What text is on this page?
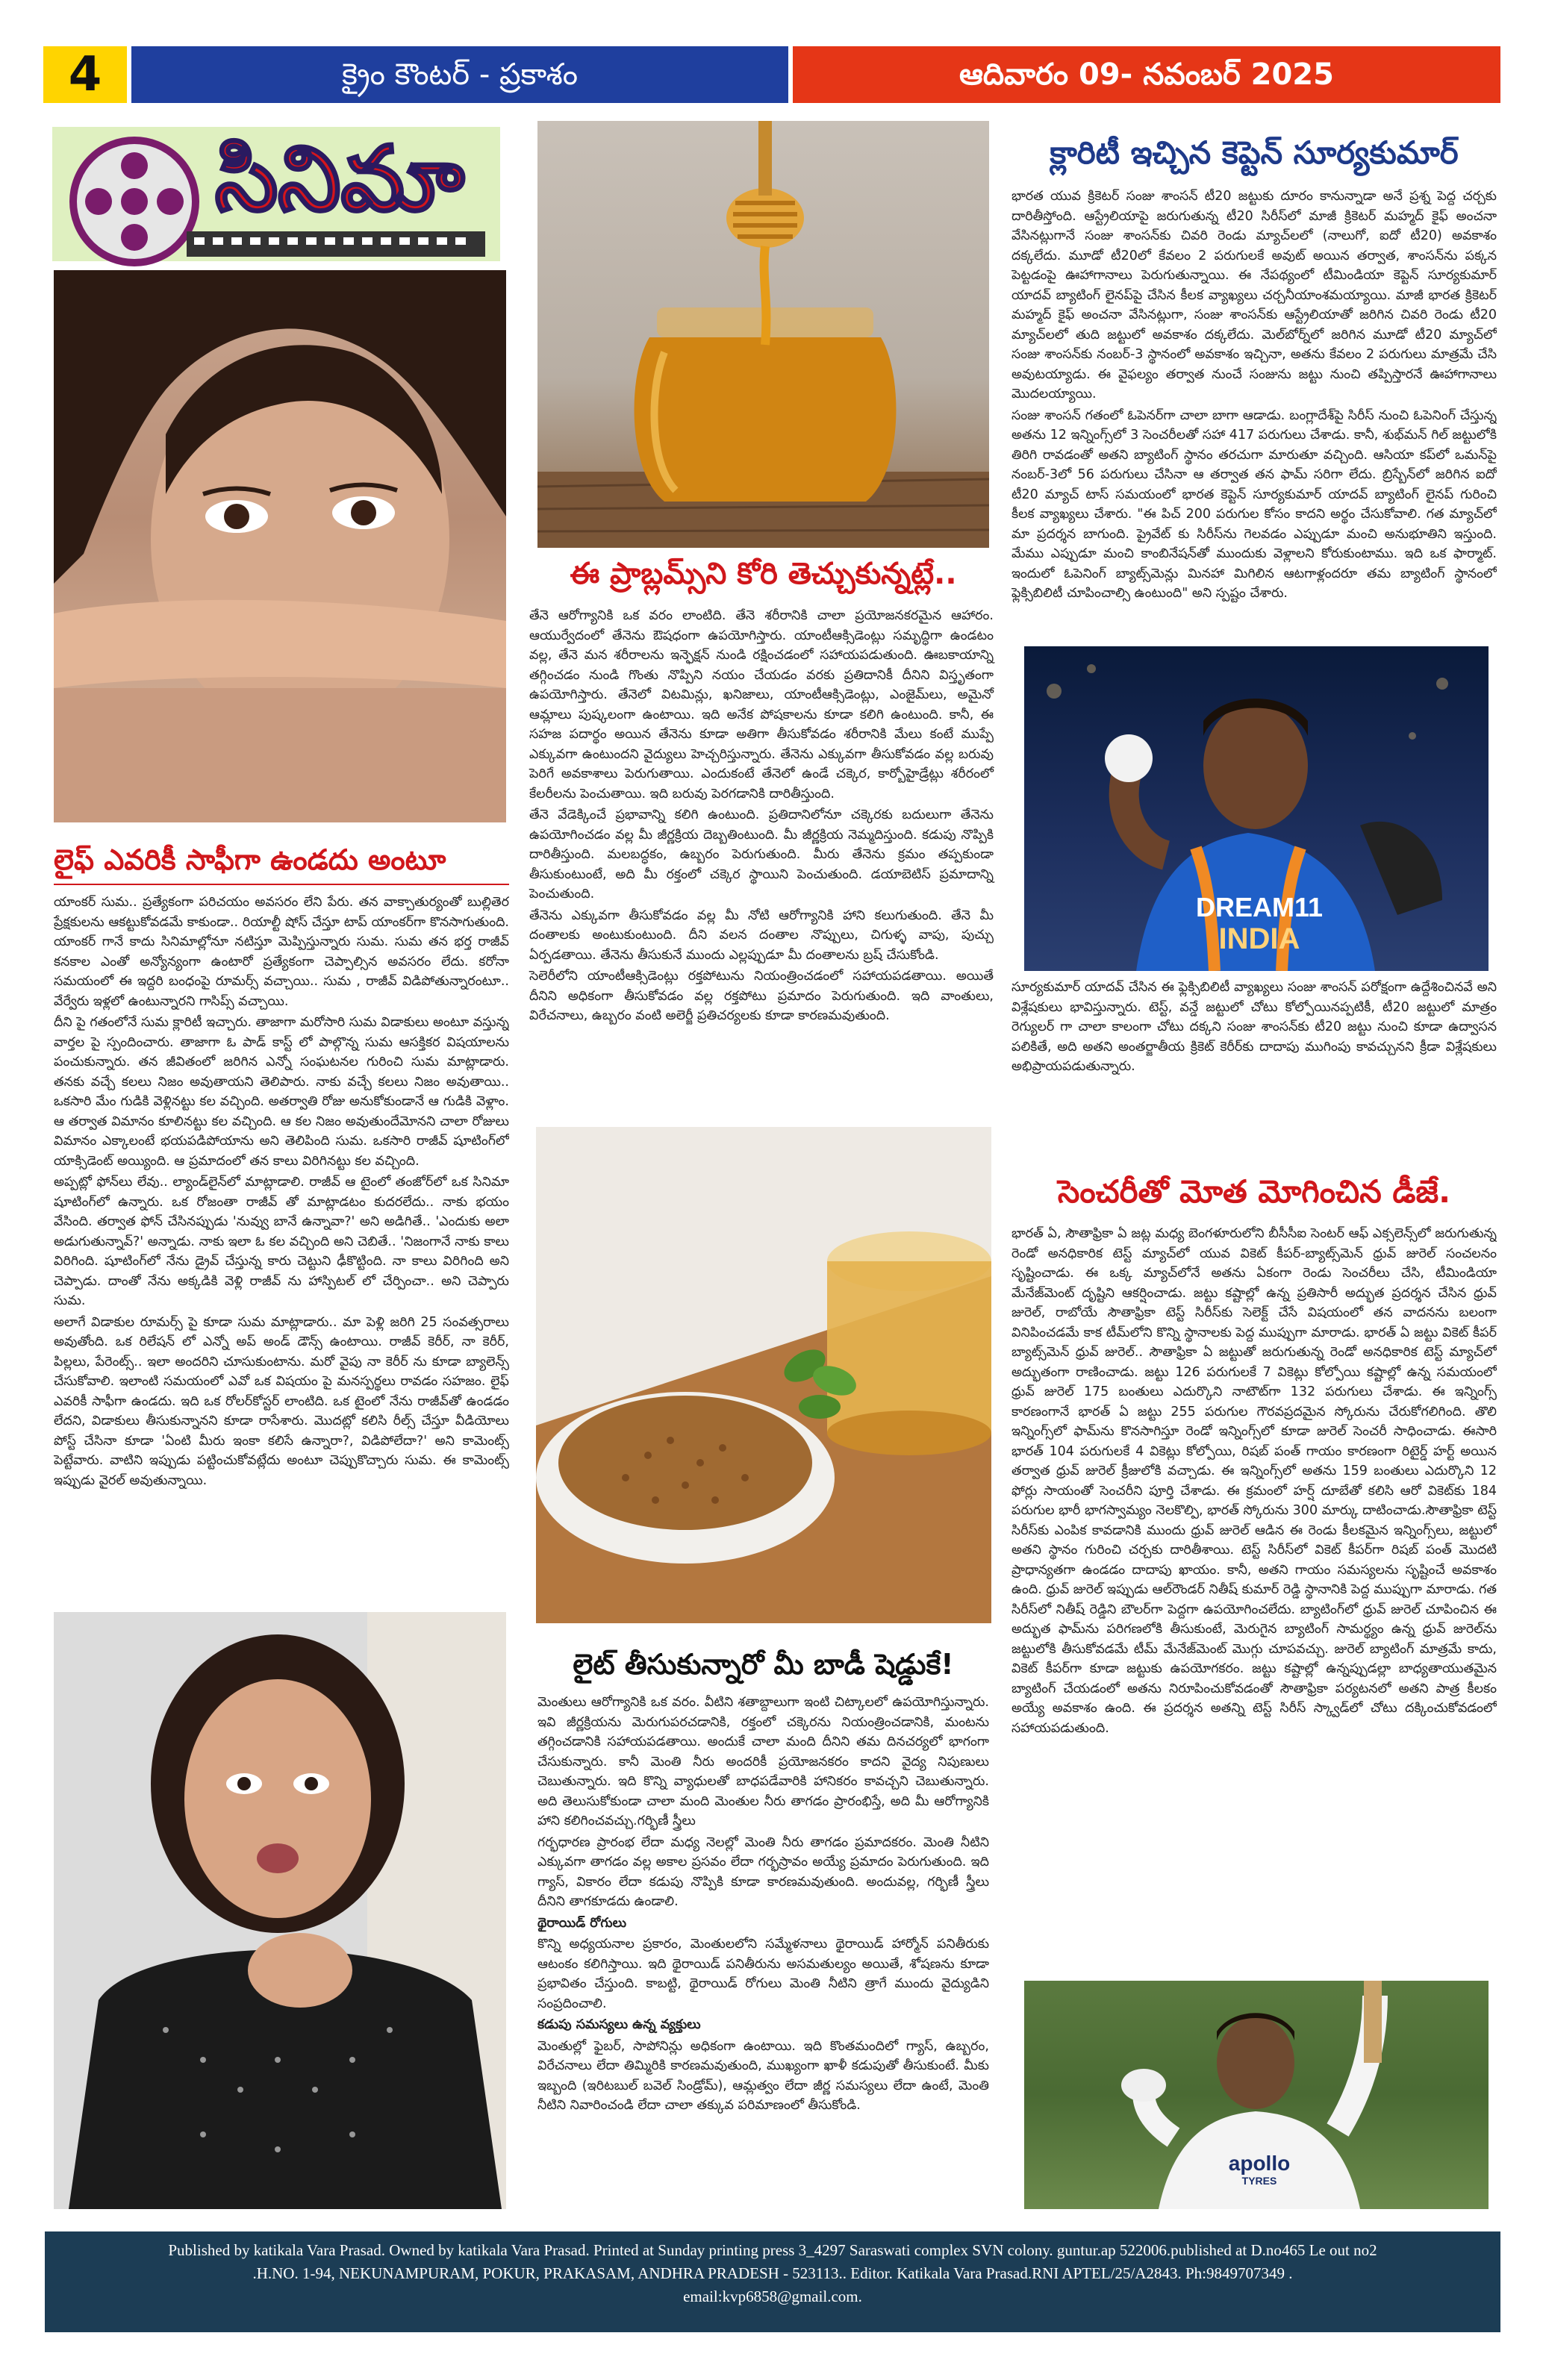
4	క్రైం కౌంటర్ - ప్రకాశం	ఆదివారం 09- నవంబర్ 2025
సినిమా
లైఫ్ ఎవరికీ సాఫీగా ఉండదు అంటూ

యాంకర్ సుమ.. ప్రత్యేకంగా పరిచయం అవసరం లేని పేరు. తన వాక్చాతుర్యంతో బుల్లితెర ప్రేక్షకులను ఆకట్టుకోవడమే కాకుండా.. రియాల్టీ షోస్ చేస్తూ టాప్ యాంకర్‌గా కొనసాగుతుంది. యాంకర్ గానే కాదు సినిమాల్లోనూ నటిస్తూ మెప్పిస్తున్నారు సుమ. సుమ తన భర్త రాజీవ్ కనకాల ఎంతో అన్యోన్యంగా ఉంటారో ప్రత్యేకంగా చెప్పాల్సిన అవసరం లేదు. కరోనా సమయంలో ఈ ఇద్దరి బంధంపై రూమర్స్ వచ్చాయి.. సుమ , రాజీవ్ విడిపోతున్నారంటూ.. వేర్వేరు ఇళ్లలో ఉంటున్నారని గాసిప్స్ వచ్చాయి.

దీని పై గతంలోనే సుమ క్లారిటీ ఇచ్చారు. తాజాగా మరోసారి సుమ విడాకులు అంటూ వస్తున్న వార్తల పై స్పందించారు. తాజాగా ఓ పాడ్ కాస్ట్ లో పాల్గొన్న సుమ ఆసక్తికర విషయాలను పంచుకున్నారు. తన జీవితంలో జరిగిన ఎన్నో సంఘటనల గురించి సుమ మాట్లాడారు. తనకు వచ్చే కలలు నిజం అవుతాయని తెలిపారు. నాకు వచ్చే కలలు నిజం అవుతాయి.. ఒకసారి మేం గుడికి వెళ్లినట్టు కల వచ్చింది. అతర్వాతి రోజు అనుకోకుండానే ఆ గుడికి వెళ్లాం. ఆ తర్వాత విమానం కూలినట్టు కల వచ్చింది. ఆ కల నిజం అవుతుందేమోనని చాలా రోజులు విమానం ఎక్కాలంటే భయపడిపోయాను అని తెలిపింది సుమ. ఒకసారి రాజీవ్ షూటింగ్‌లో యాక్సిడెంట్ అయ్యింది. ఆ ప్రమాదంలో తన కాలు విరిగినట్టు కల వచ్చింది.

అప్పట్లో ఫోన్‌లు లేవు.. ల్యాండ్‌లైన్‌లో మాట్లాడాలి. రాజీవ్ ఆ టైంలో తంజోర్‌లో ఒక సినిమా షూటింగ్‌లో ఉన్నారు. ఒక రోజంతా రాజీవ్ తో మాట్లాడటం కుదరలేదు.. నాకు భయం వేసింది. తర్వాత ఫోన్ చేసినప్పుడు 'నువ్వు బానే ఉన్నావా?' అని అడిగితే.. 'ఎందుకు అలా అడుగుతున్నావ్?' అన్నాడు. నాకు ఇలా ఓ కల వచ్చింది అని చెబితే.. 'నిజంగానే నాకు కాలు విరిగింది. షూటింగ్‌లో నేను డ్రైవ్ చేస్తున్న కారు చెట్టుని ఢీకొట్టింది. నా కాలు విరిగింది అని చెప్పాడు. దాంతో నేను అక్కడికి వెళ్లి రాజీవ్ ను హాస్పిటల్ లో చేర్పించా.. అని చెప్పారు సుమ.

అలాగే విడాకుల రూమర్స్ పై కూడా సుమ మాట్లాడారు.. మా పెళ్లి జరిగి 25 సంవత్సరాలు అవుతోంది. ఒక రిలేషన్ లో ఎన్నో అప్ అండ్ డౌన్స్ ఉంటాయి. రాజీవ్ కెరీర్, నా కెరీర్, పిల్లలు, పేరెంట్స్.. ఇలా అందరిని చూసుకుంటాను. మరో వైపు నా కెరీర్ ను కూడా బ్యాలెన్స్ చేసుకోవాలి. ఇలాంటి సమయంలో ఎవో ఒక విషయం పై మనస్పర్థలు రావడం సహజం. లైఫ్ ఎవరికీ సాఫీగా ఉండదు. ఇది ఒక రోలర్‌కోస్టర్ లాంటిది. ఒక టైంలో నేను రాజీవ్‌తో ఉండడం లేదని, విడాకులు తీసుకున్నానని కూడా రాసేశారు. మొదట్లో కలిసి రీల్స్ చేస్తూ వీడియోలు పోస్ట్ చేసినా కూడా 'ఏంటి మీరు ఇంకా కలిసే ఉన్నారా?, విడిపోలేదా?' అని కామెంట్స్ పెట్టేవారు. వాటిని ఇప్పుడు పట్టించుకోవట్లేదు అంటూ చెప్పుకొచ్చారు సుమ. ఈ కామెంట్స్ ఇప్పుడు వైరల్ అవుతున్నాయి.

ఈ ప్రాబ్లమ్స్‌ని కోరి తెచ్చుకున్నట్లే..

తేనె ఆరోగ్యానికి ఒక వరం లాంటిది. తేనె శరీరానికి చాలా ప్రయోజనకరమైన ఆహారం. ఆయుర్వేదంలో తేనెను ఔషధంగా ఉపయోగిస్తారు. యాంటీఆక్సిడెంట్లు సమృద్ధిగా ఉండటం వల్ల, తేనె మన శరీరాలను ఇన్ఫెక్షన్ నుండి రక్షించడంలో సహాయపడుతుంది. ఊబకాయాన్ని తగ్గించడం నుండి గొంతు నొప్పిని నయం చేయడం వరకు ప్రతిదానికీ దీనిని విస్తృతంగా ఉపయోగిస్తారు. తేనెలో విటమిన్లు, ఖనిజాలు, యాంటీఆక్సిడెంట్లు, ఎంజైమ్‌లు, అమైనో ఆమ్లాలు పుష్కలంగా ఉంటాయి. ఇది అనేక పోషకాలను కూడా కలిగి ఉంటుంది. కానీ, ఈ సహజ పదార్థం అయిన తేనెను కూడా అతిగా తీసుకోవడం శరీరానికి మేలు కంటే ముప్పే ఎక్కువగా ఉంటుందని వైద్యులు హెచ్చరిస్తున్నారు. తేనెను ఎక్కువగా తీసుకోవడం వల్ల బరువు పెరిగే అవకాశాలు పెరుగుతాయి. ఎందుకంటే తేనెలో ఉండే చక్కెర, కార్బోహైడ్రేట్లు శరీరంలో కేలరీలను పెంచుతాయి. ఇది బరువు పెరగడానికి దారితీస్తుంది.

తేనె వేడెక్కించే ప్రభావాన్ని కలిగి ఉంటుంది. ప్రతిదానిలోనూ చక్కెరకు బదులుగా తేనెను ఉపయోగించడం వల్ల మీ జీర్ణక్రియ దెబ్బతింటుంది. మీ జీర్ణక్రియ నెమ్మదిస్తుంది. కడుపు నొప్పికి దారితీస్తుంది. మలబద్ధకం, ఉబ్బరం పెరుగుతుంది. మీరు తేనెను క్రమం తప్పకుండా తీసుకుంటుంటే, అది మీ రక్తంలో చక్కెర స్థాయిని పెంచుతుంది. డయాబెటిస్ ప్రమాదాన్ని పెంచుతుంది.

తేనెను ఎక్కువగా తీసుకోవడం వల్ల మీ నోటి ఆరోగ్యానికి హాని కలుగుతుంది. తేనె మీ దంతాలకు అంటుకుంటుంది. దీని వలన దంతాల నొప్పులు, చిగుళ్ళ వాపు, పుచ్చు ఏర్పడతాయి. తేనెను తీసుకునే ముందు ఎల్లప్పుడూ మీ దంతాలను బ్రష్ చేసుకోండి.

సెలెరీలోని యాంటీఆక్సిడెంట్లు రక్తపోటును నియంత్రించడంలో సహాయపడతాయి. అయితే దీనిని అధికంగా తీసుకోవడం వల్ల రక్తపోటు ప్రమాదం పెరుగుతుంది. ఇది వాంతులు, విరేచనాలు, ఉబ్బరం వంటి అలెర్జీ ప్రతిచర్యలకు కూడా కారణమవుతుంది.

లైట్ తీసుకున్నారో మీ బాడీ షెడ్డుకే!

మెంతులు ఆరోగ్యానికి ఒక వరం. వీటిని శతాబ్దాలుగా ఇంటి చిట్కాలలో ఉపయోగిస్తున్నారు. ఇవి జీర్ణక్రియను మెరుగుపరచడానికి, రక్తంలో చక్కెరను నియంత్రించడానికి, మంటను తగ్గించడానికి సహాయపడతాయి. అందుకే చాలా మంది దీనిని తమ దినచర్యలో భాగంగా చేసుకున్నారు. కానీ మెంతి నీరు అందరికీ ప్రయోజనకరం కాదని వైద్య నిపుణులు చెబుతున్నారు. ఇది కొన్ని వ్యాధులతో బాధపడేవారికి హానికరం కావచ్చని చెబుతున్నారు. అది తెలుసుకోకుండా చాలా మంది మెంతుల నీరు తాగడం ప్రారంభిస్తే, అది మీ ఆరోగ్యానికి హాని కలిగించవచ్చు.గర్భిణీ స్త్రీలు

గర్భధారణ ప్రారంభ లేదా మధ్య నెలల్లో మెంతి నీరు తాగడం ప్రమాదకరం. మెంతి నీటిని ఎక్కువగా తాగడం వల్ల అకాల ప్రసవం లేదా గర్భస్రావం అయ్యే ప్రమాదం పెరుగుతుంది. ఇది గ్యాస్, వికారం లేదా కడుపు నొప్పికి కూడా కారణమవుతుంది. అందువల్ల, గర్భిణీ స్త్రీలు దీనిని తాగకూడదు ఉండాలి.

థైరాయిడ్ రోగులు

కొన్ని అధ్యయనాల ప్రకారం, మెంతులలోని సమ్మేళనాలు థైరాయిడ్ హార్మోన్ పనితీరుకు ఆటంకం కలిగిస్తాయి. ఇది థైరాయిడ్ పనితీరును అసమతుల్యం అయితే, శోషణను కూడా ప్రభావితం చేస్తుంది. కాబట్టి, థైరాయిడ్ రోగులు మెంతి నీటిని త్రాగే ముందు వైద్యుడిని సంప్రదించాలి.

కడుపు సమస్యలు ఉన్న వ్యక్తులు

మెంతుల్లో ఫైబర్, సాపోనిన్లు అధికంగా ఉంటాయి. ఇది కొంతమందిలో గ్యాస్, ఉబ్బరం, విరేచనాలు లేదా తిమ్మిరికి కారణమవుతుంది, ముఖ్యంగా ఖాళీ కడుపుతో తీసుకుంటే. మీకు ఇబ్బంది (ఇరిటబుల్ బవెల్ సిండ్రోమ్), ఆమ్లత్వం లేదా జీర్ణ సమస్యలు లేదా ఉంటే, మెంతి నీటిని నివారించండి లేదా చాలా తక్కువ పరిమాణంలో తీసుకోండి.

క్లారిటీ ఇచ్చిన కెప్టెన్ సూర్యకుమార్

భారత యువ క్రికెటర్ సంజు శాంసన్ టీ20 జట్టుకు దూరం కానున్నాడా అనే ప్రశ్న పెద్ద చర్చకు దారితీస్తోంది. ఆస్ట్రేలియాపై జరుగుతున్న టీ20 సిరీస్‌లో మాజీ క్రికెటర్ మహ్మద్ కైఫ్ అంచనా వేసినట్లుగానే సంజు శాంసన్‌కు చివరి రెండు మ్యాచ్‌లలో (నాలుగో, ఐదో టీ20) అవకాశం దక్కలేదు. మూడో టీ20లో కేవలం 2 పరుగులకే అవుట్ అయిన తర్వాత, శాంసన్‌ను పక్కన పెట్టడంపై ఊహాగానాలు పెరుగుతున్నాయి. ఈ నేపథ్యంలో టీమిండియా కెప్టెన్ సూర్యకుమార్ యాదవ్ బ్యాటింగ్ లైనప్‌పై చేసిన కీలక వ్యాఖ్యలు చర్చనీయాంశమయ్యాయి. మాజీ భారత క్రికెటర్ మహ్మద్ కైఫ్ అంచనా వేసినట్లుగా, సంజు శాంసన్‌కు ఆస్ట్రేలియాతో జరిగిన చివరి రెండు టీ20 మ్యాచ్‌లలో తుది జట్టులో అవకాశం దక్కలేదు. మెల్‌బోర్న్‌లో జరిగిన మూడో టీ20 మ్యాచ్‌లో సంజు శాంసన్‌కు నంబర్-3 స్థానంలో అవకాశం ఇచ్చినా, అతను కేవలం 2 పరుగులు మాత్రమే చేసి అవుటయ్యాడు. ఈ వైఫల్యం తర్వాత నుంచే సంజును జట్టు నుంచి తప్పిస్తారనే ఊహాగానాలు మొదలయ్యాయి.

సంజు శాంసన్ గతంలో ఓపెనర్‌గా చాలా బాగా ఆడాడు. బంగ్లాదేశ్‌పై సిరీస్ నుంచి ఓపెనింగ్ చేస్తున్న అతను 12 ఇన్నింగ్స్‌లో 3 సెంచరీలతో సహా 417 పరుగులు చేశాడు. కానీ, శుభ్‌మన్ గిల్ జట్టులోకి తిరిగి రావడంతో అతని బ్యాటింగ్ స్థానం తరచుగా మారుతూ వచ్చింది. ఆసియా కప్‌లో ఒమన్‌పై నంబర్-3లో 56 పరుగులు చేసినా ఆ తర్వాత తన ఫామ్ సరిగా లేదు. బ్రిస్బేన్‌లో జరిగిన ఐదో టీ20 మ్యాచ్ టాస్ సమయంలో భారత కెప్టెన్ సూర్యకుమార్ యాదవ్ బ్యాటింగ్ లైనప్ గురించి కీలక వ్యాఖ్యలు చేశారు. "ఈ పిచ్ 200 పరుగుల కోసం కాదని అర్థం చేసుకోవాలి. గత మ్యాచ్‌లో మా ప్రదర్శన బాగుంది. ప్రైవేట్ కు సిరీస్‌ను గెలవడం ఎప్పుడూ మంచి అనుభూతిని ఇస్తుంది. మేము ఎప్పుడూ మంచి కాంబినేషన్‌తో ముందుకు వెళ్లాలని కోరుకుంటాము. ఇది ఒక ఫార్మాట్. ఇందులో ఓపెనింగ్ బ్యాట్స్‌మెన్లు మినహా మిగిలిన ఆటగాళ్లందరూ తమ బ్యాటింగ్ స్థానంలో ఫ్లెక్సిబిలిటీ చూపించాల్సి ఉంటుంది" అని స్పష్టం చేశారు.

DREAM11
INDIA

సూర్యకుమార్ యాదవ్ చేసిన ఈ ఫ్లెక్సిబిలిటీ వ్యాఖ్యలు సంజు శాంసన్ పరోక్షంగా ఉద్దేశించినవే అని విశ్లేషకులు భావిస్తున్నారు. టెస్ట్, వన్డే జట్టులో చోటు కోల్పోయినప్పటికీ, టీ20 జట్టులో మాత్రం రెగ్యులర్ గా చాలా కాలంగా చోటు దక్కని సంజు శాంసన్‌కు టీ20 జట్టు నుంచి కూడా ఉద్వాసన పలికితే, అది అతని అంతర్జాతీయ క్రికెట్ కెరీర్‌కు దాదాపు ముగింపు కావచ్చునని క్రీడా విశ్లేషకులు అభిప్రాయపడుతున్నారు.

సెంచరీతో మోత మోగించిన డీజే.

భారత్ ఏ, సౌతాఫ్రికా ఏ జట్ల మధ్య బెంగళూరులోని బీసీసీఐ సెంటర్ ఆఫ్ ఎక్సలెన్స్‌లో జరుగుతున్న రెండో అనధికారిక టెస్ట్ మ్యాచ్‌లో యువ వికెట్ కీపర్-బ్యాట్స్‌మెన్ ధ్రువ్ జురెల్ సంచలనం సృష్టించాడు. ఈ ఒక్క మ్యాచ్‌లోనే అతను ఏకంగా రెండు సెంచరీలు చేసి, టీమిండియా మేనేజ్‌మెంట్ దృష్టిని ఆకర్షించాడు. జట్టు కష్టాల్లో ఉన్న ప్రతిసారీ అద్భుత ప్రదర్శన చేసిన ధ్రువ్ జురెల్, రాబోయే సౌతాఫ్రికా టెస్ట్ సిరీస్‌కు సెలెక్ట్ చేసే విషయంలో తన వాదనను బలంగా వినిపించడమే కాక టీమ్‌లోని కొన్ని స్థానాలకు పెద్ద ముప్పుగా మారాడు. భారత్ ఏ జట్టు వికెట్ కీపర్ బ్యాట్స్‌మెన్ ధ్రువ్ జురెల్.. సౌతాఫ్రికా ఏ జట్టుతో జరుగుతున్న రెండో అనధికారిక టెస్ట్ మ్యాచ్‌లో అద్భుతంగా రాణించాడు. జట్టు 126 పరుగులకే 7 వికెట్లు కోల్పోయి కష్టాల్లో ఉన్న సమయంలో ధ్రువ్ జురెల్ 175 బంతులు ఎదుర్కొని నాటౌట్‌గా 132 పరుగులు చేశాడు. ఈ ఇన్నింగ్స్ కారణంగానే భారత్ ఏ జట్టు 255 పరుగుల గౌరవప్రదమైన స్కోరును చేరుకోగలిగింది. తొలి ఇన్నింగ్స్‌లో ఫామ్‌ను కొనసాగిస్తూ రెండో ఇన్నింగ్స్‌లో కూడా జురెల్ సెంచరీ సాధించాడు. ఈసారి భారత్ 104 పరుగులకే 4 వికెట్లు కోల్పోయి, రిషబ్ పంత్ గాయం కారణంగా రిటైర్డ్ హర్ట్ అయిన తర్వాత ధ్రువ్ జురెల్ క్రీజులోకి వచ్చాడు. ఈ ఇన్నింగ్స్‌లో అతను 159 బంతులు ఎదుర్కొని 12 ఫోర్లు సాయంతో సెంచరీని పూర్తి చేశాడు. ఈ క్రమంలో హర్ష్ దూబేతో కలిసి ఆరో వికెట్‌కు 184 పరుగుల భారీ భాగస్వామ్యం నెలకొల్పి, భారత్ స్కోరును 300 మార్కు దాటించాడు.సౌతాఫ్రికా టెస్ట్ సిరీస్‌కు ఎంపిక కావడానికి ముందు ధ్రువ్ జురెల్ ఆడిన ఈ రెండు కీలకమైన ఇన్నింగ్స్‌లు, జట్టులో అతని స్థానం గురించి చర్చకు దారితీశాయి. టెస్ట్ సిరీస్‌లో వికెట్ కీపర్‌గా రిషబ్ పంత్ మొదటి ప్రాధాన్యతగా ఉండడం దాదాపు ఖాయం. కానీ, అతని గాయం సమస్యలను సృష్టించే అవకాశం ఉంది. ధ్రువ్ జురెల్ ఇప్పుడు ఆల్‌రౌండర్ నితీష్ కుమార్ రెడ్డి స్థానానికి పెద్ద ముప్పుగా మారాడు. గత సిరీస్‌లో నితీష్ రెడ్డిని బౌలర్‌గా పెద్దగా ఉపయోగించలేదు. బ్యాటింగ్‌లో ధ్రువ్ జురెల్ చూపించిన ఈ అద్భుత ఫామ్‌ను పరిగణలోకి తీసుకుంటే, మెరుగైన బ్యాటింగ్ సామర్థ్యం ఉన్న ధ్రువ్ జురెల్‌ను జట్టులోకి తీసుకోవడమే టీమ్ మేనేజ్‌మెంట్ మొగ్గు చూపవచ్చు. జురెల్ బ్యాటింగ్ మాత్రమే కాదు, వికెట్ కీపర్‌గా కూడా జట్టుకు ఉపయోగకరం. జట్టు కష్టాల్లో ఉన్నప్పుడల్లా బాధ్యతాయుతమైన బ్యాటింగ్ చేయడంలో అతను నిరూపించుకోవడంతో సౌతాఫ్రికా పర్యటనలో అతని పాత్ర కీలకం అయ్యే అవకాశం ఉంది. ఈ ప్రదర్శన అతన్ని టెస్ట్ సిరీస్ స్క్వాడ్‌లో చోటు దక్కించుకోవడంలో సహాయపడుతుంది.

apollo
TYRES
Published by katikala Vara Prasad. Owned by katikala Vara Prasad. Printed at Sunday printing press 3_4297 Saraswati complex SVN colony. guntur.ap 522006.published at D.no465 Le out no2
.H.NO. 1-94, NEKUNAMPURAM, POKUR, PRAKASAM, ANDHRA PRADESH - 523113.. Editor. Katikala Vara Prasad.RNI APTEL/25/A2843. Ph:9849707349 .
email:kvp6858@gmail.com.
